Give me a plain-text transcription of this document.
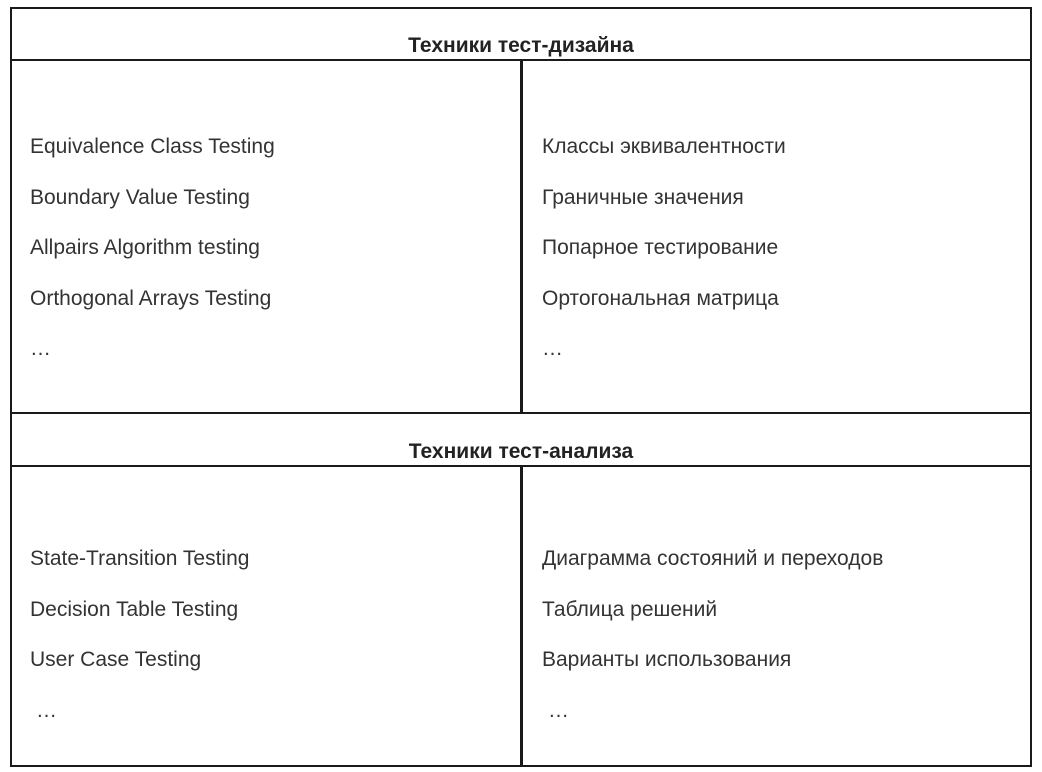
Техники тест-дизайна
Equivalence Class Testing
Boundary Value Testing
Allpairs Algorithm testing
Orthogonal Arrays Testing
…
Классы эквивалентности
Граничные значения
Попарное тестирование
Ортогональная матрица
…
Техники тест-анализа
State-Transition Testing
Decision Table Testing
User Case Testing
…
Диаграмма состояний и переходов
Таблица решений
Варианты использования
…
